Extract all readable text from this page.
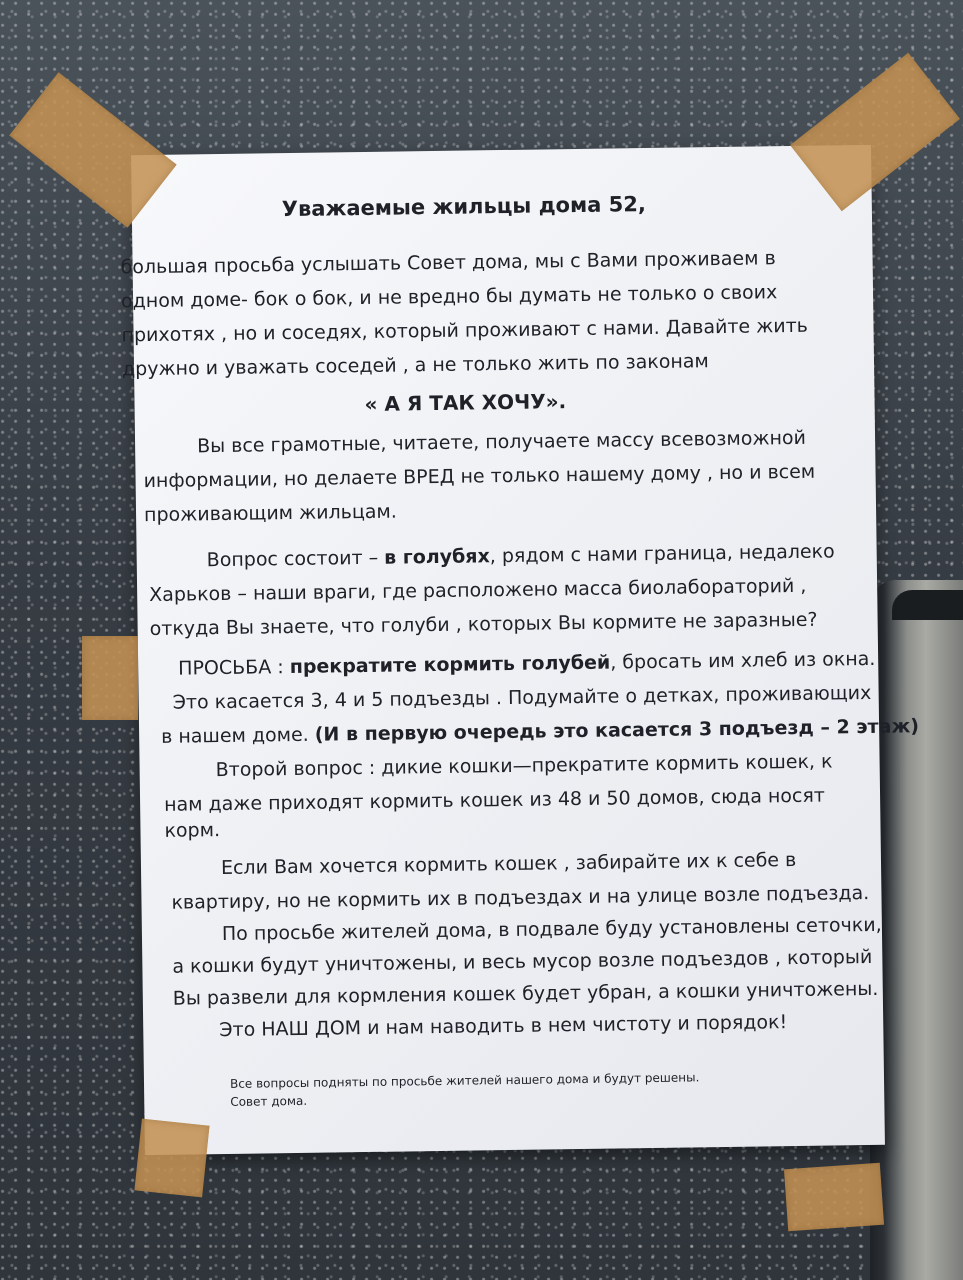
Уважаемые жильцы дома 52,
большая просьба услышать Совет дома, мы с Вами проживаем в
одном доме- бок о бок, и не вредно бы думать не только о своих
прихотях , но и соседях, который проживают с нами. Давайте жить
дружно и уважать соседей , а не только жить по законам
« А Я ТАК ХОЧУ».
Вы все грамотные, читаете, получаете массу всевозможной
информации, но делаете ВРЕД не только нашему дому , но и всем
проживающим жильцам.
Вопрос состоит – в голубях, рядом с нами граница, недалеко
Харьков – наши враги, где расположено масса биолабораторий ,
откуда Вы знаете, что голуби , которых Вы кормите не заразные?
ПРОСЬБА : прекратите кормить голубей, бросать им хлеб из окна.
Это касается 3, 4 и 5 подъезды . Подумайте о детках, проживающих
в нашем доме. (И в первую очередь это касается 3 подъезд – 2 этаж)
Второй вопрос : дикие кошки—прекратите кормить кошек, к
нам даже приходят кормить кошек из 48 и 50 домов, сюда носят
корм.
Если Вам хочется кормить кошек , забирайте их к себе в
квартиру, но не кормить их в подъездах и на улице возле подъезда.
По просьбе жителей дома, в подвале буду установлены сеточки,
а кошки будут уничтожены, и весь мусор возле подъездов , который
Вы развели для кормления кошек будет убран, а кошки уничтожены.
Это НАШ ДОМ и нам наводить в нем чистоту и порядок!
Все вопросы подняты по просьбе жителей нашего дома и будут решены.
Совет дома.
